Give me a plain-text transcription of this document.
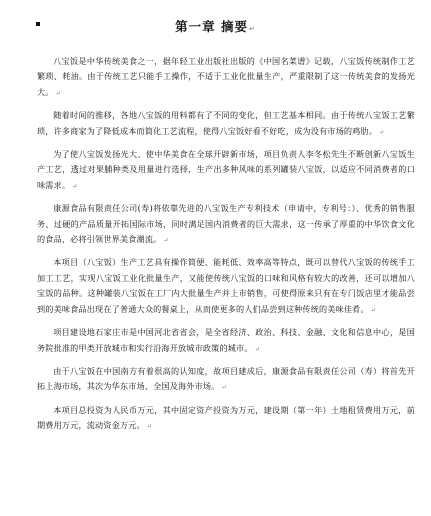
第一章 摘要↵

八宝饭是中华传统美食之一，据年轻工业出版社出版的《中国名菜谱》记载，八宝饭传统制作工艺繁琐、耗油。由于传统工艺只能手工操作，不适于工业化批量生产，严重限制了这一传统美食的发扬光大。 ↵

随着时间的推移，各地八宝饭的用料都有了不同的变化，但工艺基本相同。由于传统八宝饭工艺繁琐，许多商家为了降低成本而简化工艺流程，使得八宝饭好看不好吃，成为没有市场的鸡肋。 ↵

为了使八宝饭发扬光大、使中华美食在全球开辟新市场，项目负责人李冬松先生不断创新八宝饭生产工艺，透过对果脯种类及用量进行选择，生产出多种风味的系列罐装八宝饭，以适应不同消费者的口味需求。 ↵

康源食品有限责任公司(寿)将依靠先进的八宝饭生产专利技术（申请中，专利号：）、优秀的销售服务、过硬的产品质量开拓国际市场，同时满足国内消费者的巨大需求，这一传承了厚重的中华饮食文化的食品，必将引领世界美食潮流。 ↵

本项目（八宝饭）生产工艺具有操作简便、能耗低、效率高等特点，既可以替代八宝饭的传统手工加工工艺，实现八宝饭工业化批量生产，又能使传统八宝饭的口味和风格有较大的改善，还可以增加八宝饭的品种。这种罐装八宝饭在工厂内大批量生产并上市销售，可使得原来只有在专门饭店里才能品尝到的美味食品出现在了普通大众的餐桌上，从而使更多的人们品尝到这种传统的美味佳肴。 ↵

项目建设地石家庄市是中国河北省省会，是全省经济、政治、科技、金融、文化和信息中心，是国务院批准的甲类开放城市和实行沿海开放城市政策的城市。 ↵

由于八宝饭在中国南方有着很高的认知度，故项目建成后，康源食品有限责任公司（寿）将首先开拓上海市场，其次为华东市场、全国及海外市场。 ↵

本项目总投资为人民币万元，其中固定资产投资为万元，建设期（第一年）土地租赁费用万元，前期费用万元，流动资金万元。 ↵
